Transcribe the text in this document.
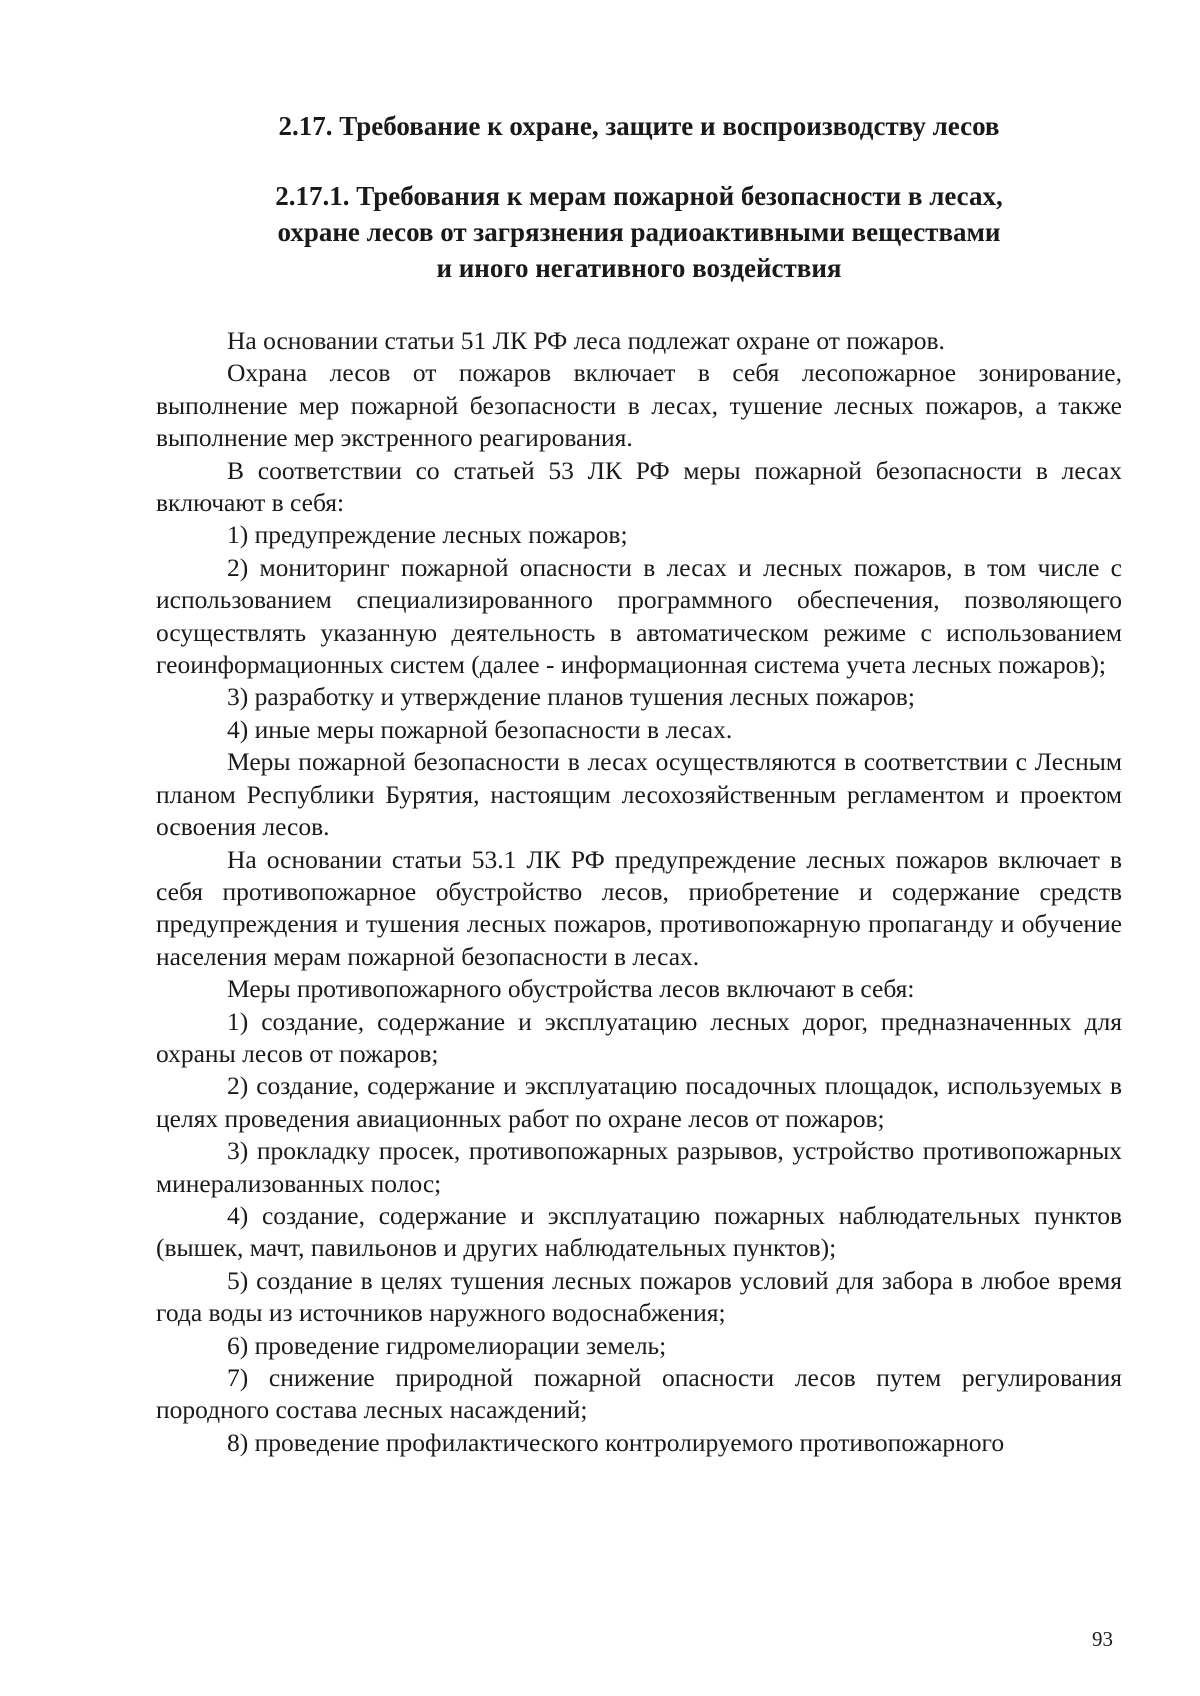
2.17. Требование к охране, защите и воспроизводству лесов
2.17.1. Требования к мерам пожарной безопасности в лесах,
охране лесов от загрязнения радиоактивными веществами
и иного негативного воздействия

На основании статьи 51 ЛК РФ леса подлежат охране от пожаров.

Охрана лесов от пожаров включает в себя лесопожарное зонирование, выполнение мер пожарной безопасности в лесах, тушение лесных пожаров, а также выполнение мер экстренного реагирования.

В соответствии со статьей 53 ЛК РФ меры пожарной безопасности в лесах включают в себя:

1) предупреждение лесных пожаров;

2) мониторинг пожарной опасности в лесах и лесных пожаров, в том числе с использованием специализированного программного обеспечения, позволяющего осуществлять указанную деятельность в автоматическом режиме с использованием геоинформационных систем (далее - информационная система учета лесных пожаров);

3) разработку и утверждение планов тушения лесных пожаров;

4) иные меры пожарной безопасности в лесах.

Меры пожарной безопасности в лесах осуществляются в соответствии с Лесным планом Республики Бурятия, настоящим лесохозяйственным регламентом и проектом освоения лесов.

На основании статьи 53.1 ЛК РФ предупреждение лесных пожаров включает в себя противопожарное обустройство лесов, приобретение и содержание средств предупреждения и тушения лесных пожаров, противопожарную пропаганду и обучение населения мерам пожарной безопасности в лесах.

Меры противопожарного обустройства лесов включают в себя:

1) создание, содержание и эксплуатацию лесных дорог, предназначенных для охраны лесов от пожаров;

2) создание, содержание и эксплуатацию посадочных площадок, используемых в целях проведения авиационных работ по охране лесов от пожаров;

3) прокладку просек, противопожарных разрывов, устройство противопожарных минерализованных полос;

4) создание, содержание и эксплуатацию пожарных наблюдательных пунктов (вышек, мачт, павильонов и других наблюдательных пунктов);

5) создание в целях тушения лесных пожаров условий для забора в любое время года воды из источников наружного водоснабжения;

6) проведение гидромелиорации земель;

7) снижение природной пожарной опасности лесов путем регулирования породного состава лесных насаждений;

8) проведение профилактического контролируемого противопожарного

93
